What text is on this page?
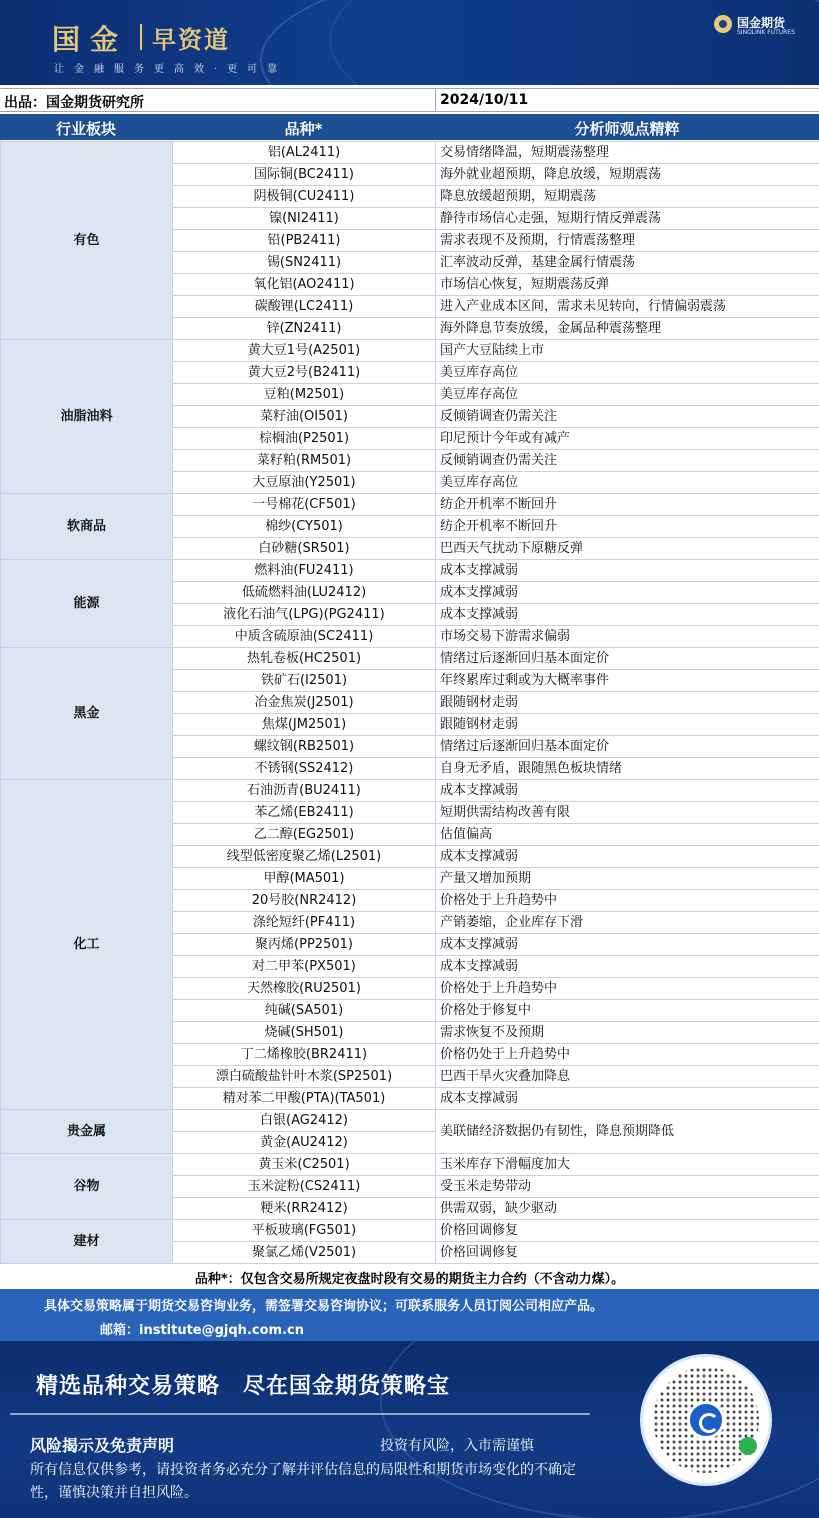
国金 早资道
让金融服务更高效·更可靠
国金期货
SINOLINK FUTURES
出品：国金期货研究所	2024/10/11
行业板块	品种*	分析师观点精粹
有色	铝(AL2411)	交易情绪降温，短期震荡整理
	国际铜(BC2411)	海外就业超预期，降息放缓，短期震荡
	阴极铜(CU2411)	降息放缓超预期，短期震荡
	镍(NI2411)	静待市场信心走强，短期行情反弹震荡
	铅(PB2411)	需求表现不及预期，行情震荡整理
	锡(SN2411)	汇率波动反弹，基建金属行情震荡
	氧化铝(AO2411)	市场信心恢复，短期震荡反弹
	碳酸锂(LC2411)	进入产业成本区间，需求未见转向，行情偏弱震荡
	锌(ZN2411)	海外降息节奏放缓，金属品种震荡整理
油脂油料	黄大豆1号(A2501)	国产大豆陆续上市
	黄大豆2号(B2411)	美豆库存高位
	豆粕(M2501)	美豆库存高位
	菜籽油(OI501)	反倾销调查仍需关注
	棕榈油(P2501)	印尼预计今年或有减产
	菜籽粕(RM501)	反倾销调查仍需关注
	大豆原油(Y2501)	美豆库存高位
软商品	一号棉花(CF501)	纺企开机率不断回升
	棉纱(CY501)	纺企开机率不断回升
	白砂糖(SR501)	巴西天气扰动下原糖反弹
能源	燃料油(FU2411)	成本支撑减弱
	低硫燃料油(LU2412)	成本支撑减弱
	液化石油气(LPG)(PG2411)	成本支撑减弱
	中质含硫原油(SC2411)	市场交易下游需求偏弱
黑金	热轧卷板(HC2501)	情绪过后逐渐回归基本面定价
	铁矿石(I2501)	年终累库过剩或为大概率事件
	冶金焦炭(J2501)	跟随钢材走弱
	焦煤(JM2501)	跟随钢材走弱
	螺纹钢(RB2501)	情绪过后逐渐回归基本面定价
	不锈钢(SS2412)	自身无矛盾，跟随黑色板块情绪
化工	石油沥青(BU2411)	成本支撑减弱
	苯乙烯(EB2411)	短期供需结构改善有限
	乙二醇(EG2501)	估值偏高
	线型低密度聚乙烯(L2501)	成本支撑减弱
	甲醇(MA501)	产量又增加预期
	20号胶(NR2412)	价格处于上升趋势中
	涤纶短纤(PF411)	产销萎缩，企业库存下滑
	聚丙烯(PP2501)	成本支撑减弱
	对二甲苯(PX501)	成本支撑减弱
	天然橡胶(RU2501)	价格处于上升趋势中
	纯碱(SA501)	价格处于修复中
	烧碱(SH501)	需求恢复不及预期
	丁二烯橡胶(BR2411)	价格仍处于上升趋势中
	漂白硫酸盐针叶木浆(SP2501)	巴西干旱火灾叠加降息
	精对苯二甲酸(PTA)(TA501)	成本支撑减弱
贵金属	白银(AG2412)	美联储经济数据仍有韧性，降息预期降低
	黄金(AU2412)	
谷物	黄玉米(C2501)	玉米库存下滑幅度加大
	玉米淀粉(CS2411)	受玉米走势带动
	粳米(RR2412)	供需双弱，缺少驱动
建材	平板玻璃(FG501)	价格回调修复
	聚氯乙烯(V2501)	价格回调修复
品种*：仅包含交易所规定夜盘时段有交易的期货主力合约（不含动力煤）。
具体交易策略属于期货交易咨询业务，需签署交易咨询协议；可联系服务人员订阅公司相应产品。
邮箱：institute@gjqh.com.cn
精选品种交易策略　尽在国金期货策略宝
风险揭示及免责声明	投资有风险，入市需谨慎
所有信息仅供参考，请投资者务必充分了解并评估信息的局限性和期货市场变化的不确定性，谨慎决策并自担风险。
